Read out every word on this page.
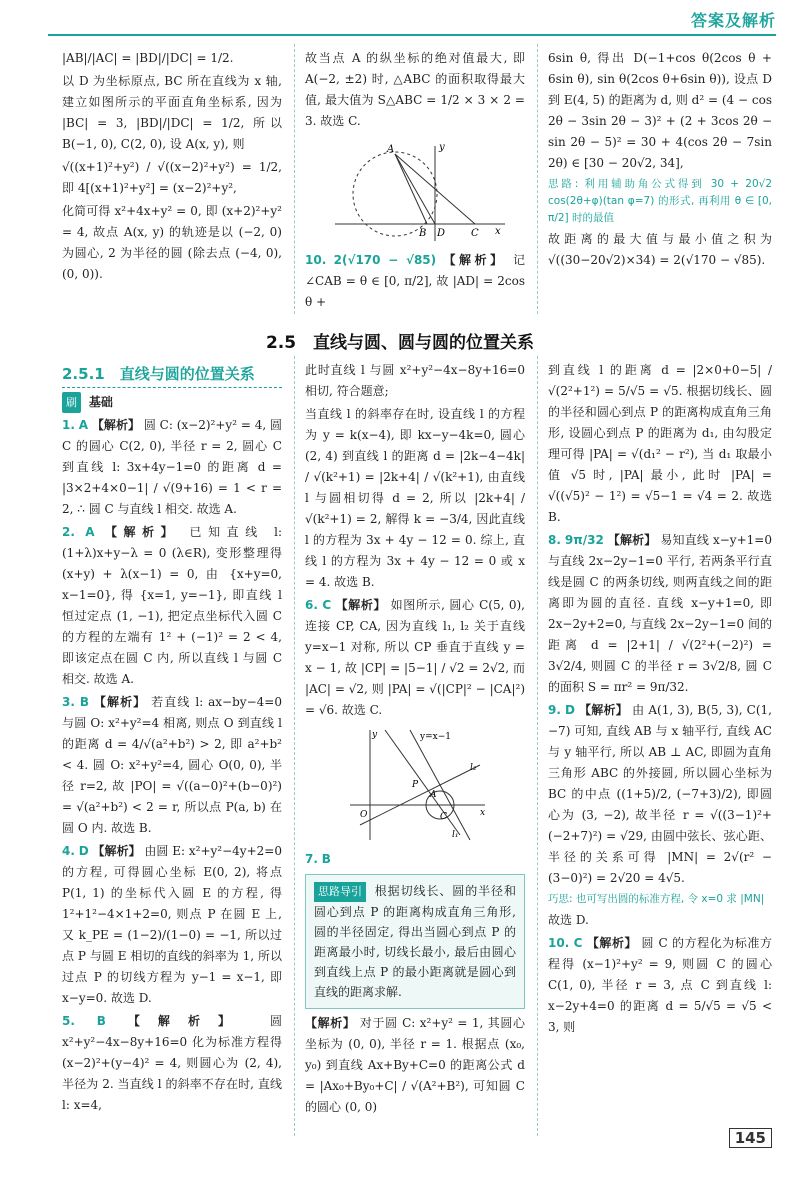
答案及解析

|AB|/|AC| = |BD|/|DC| = 1/2.

以 D 为坐标原点, BC 所在直线为 x 轴, 建立如图所示的平面直角坐标系, 因为 |BC| = 3, |BD|/|DC| = 1/2, 所以 B(−1, 0), C(2, 0), 设 A(x, y), 则

√((x+1)²+y²) / √((x−2)²+y²) = 1/2, 即 4[(x+1)²+y²] = (x−2)²+y²,

化简可得 x²+4x+y² = 0, 即 (x+2)²+y² = 4, 故点 A(x, y) 的轨迹是以 (−2, 0) 为圆心, 2 为半径的圆 (除去点 (−4, 0), (0, 0)).

故当点 A 的纵坐标的绝对值最大, 即 A(−2, ±2) 时, △ABC 的面积取得最大值, 最大值为 S△ABC = 1/2 × 3 × 2 = 3. 故选 C.

A
B D	C x
y

10. 2(√170 − √85) 【解析】 记 ∠CAB = θ ∈ [0, π/2], 故 |AD| = 2cos θ +

6sin θ, 得出 D(−1+cos θ(2cos θ + 6sin θ), sin θ(2cos θ+6sin θ)), 设点 D 到 E(4, 5) 的距离为 d, 则 d² = (4 − cos 2θ − 3sin 2θ − 3)² + (2 + 3cos 2θ − sin 2θ − 5)² = 30 + 4(cos 2θ − 7sin 2θ) ∈ [30 − 20√2, 34],

思路: 利用辅助角公式得到 30 + 20√2 cos(2θ+φ)(tan φ=7) 的形式, 再利用 θ ∈ [0, π/2] 时的最值

故距离的最大值与最小值之积为 √((30−20√2)×34) = 2(√170 − √85).

2.5　直线与圆、圆与圆的位置关系
2.5.1　直线与圆的位置关系

刷 基础

1. A 【解析】 圆 C: (x−2)²+y² = 4, 圆 C 的圆心 C(2, 0), 半径 r = 2, 圆心 C 到直线 l: 3x+4y−1=0 的距离 d = |3×2+4×0−1| / √(9+16) = 1 < r = 2, ∴ 圆 C 与直线 l 相交. 故选 A.

2. A 【解析】 已知直线 l: (1+λ)x+y−λ = 0 (λ∈R), 变形整理得 (x+y) + λ(x−1) = 0, 由 {x+y=0, x−1=0}, 得 {x=1, y=−1}, 即直线 l 恒过定点 (1, −1), 把定点坐标代入圆 C 的方程的左端有 1² + (−1)² = 2 < 4, 即该定点在圆 C 内, 所以直线 l 与圆 C 相交. 故选 A.

3. B 【解析】 若直线 l: ax−by−4=0 与圆 O: x²+y²=4 相离, 则点 O 到直线 l 的距离 d = 4/√(a²+b²) > 2, 即 a²+b² < 4. 圆 O: x²+y²=4, 圆心 O(0, 0), 半径 r=2, 故 |PO| = √((a−0)²+(b−0)²) = √(a²+b²) < 2 = r, 所以点 P(a, b) 在圆 O 内. 故选 B.

4. D 【解析】 由圆 E: x²+y²−4y+2=0 的方程, 可得圆心坐标 E(0, 2), 将点 P(1, 1) 的坐标代入圆 E 的方程, 得 1²+1²−4×1+2=0, 则点 P 在圆 E 上, 又 k_PE = (1−2)/(1−0) = −1, 所以过点 P 与圆 E 相切的直线的斜率为 1, 所以过点 P 的切线方程为 y−1 = x−1, 即 x−y=0. 故选 D.

5. B 【解析】 圆 x²+y²−4x−8y+16=0 化为标准方程得 (x−2)²+(y−4)² = 4, 则圆心为 (2, 4), 半径为 2. 当直线 l 的斜率不存在时, 直线 l: x=4,

此时直线 l 与圆 x²+y²−4x−8y+16=0 相切, 符合题意;

当直线 l 的斜率存在时, 设直线 l 的方程为 y = k(x−4), 即 kx−y−4k=0, 圆心 (2, 4) 到直线 l 的距离 d = |2k−4−4k| / √(k²+1) = |2k+4| / √(k²+1), 由直线 l 与圆相切得 d = 2, 所以 |2k+4| / √(k²+1) = 2, 解得 k = −3/4, 因此直线 l 的方程为 3x + 4y − 12 = 0. 综上, 直线 l 的方程为 3x + 4y − 12 = 0 或 x = 4. 故选 B.

6. C 【解析】 如图所示, 圆心 C(5, 0), 连接 CP, CA, 因为直线 l₁, l₂ 关于直线 y=x−1 对称, 所以 CP 垂直于直线 y = x − 1, 故 |CP| = |5−1| / √2 = 2√2, 而 |AC| = √2, 则 |PA| = √(|CP|² − |CA|²) = √6. 故选 C.

y
x
O
P
A
C
l₂
l₁
y=x−1

7. B

思路导引 根据切线长、圆的半径和圆心到点 P 的距离构成直角三角形, 圆的半径固定, 得出当圆心到点 P 的距离最小时, 切线长最小, 最后由圆心到直线上点 P 的最小距离就是圆心到直线的距离求解.

【解析】 对于圆 C: x²+y² = 1, 其圆心坐标为 (0, 0), 半径 r = 1. 根据点 (x₀, y₀) 到直线 Ax+By+C=0 的距离公式 d = |Ax₀+By₀+C| / √(A²+B²), 可知圆 C 的圆心 (0, 0)

到直线 l 的距离 d = |2×0+0−5| / √(2²+1²) = 5/√5 = √5. 根据切线长、圆的半径和圆心到点 P 的距离构成直角三角形, 设圆心到点 P 的距离为 d₁, 由勾股定理可得 |PA| = √(d₁² − r²), 当 d₁ 取最小值 √5 时, |PA| 最小, 此时 |PA| = √((√5)² − 1²) = √5−1 = √4 = 2. 故选 B.

8. 9π/32 【解析】 易知直线 x−y+1=0 与直线 2x−2y−1=0 平行, 若两条平行直线是圆 C 的两条切线, 则两直线之间的距离即为圆的直径. 直线 x−y+1=0, 即 2x−2y+2=0, 与直线 2x−2y−1=0 间的距离 d = |2+1| / √(2²+(−2)²) = 3√2/4, 则圆 C 的半径 r = 3√2/8, 圆 C 的面积 S = πr² = 9π/32.

9. D 【解析】 由 A(1, 3), B(5, 3), C(1, −7) 可知, 直线 AB 与 x 轴平行, 直线 AC 与 y 轴平行, 所以 AB ⊥ AC, 即圆为直角三角形 ABC 的外接圆, 所以圆心坐标为 BC 的中点 ((1+5)/2, (−7+3)/2), 即圆心为 (3, −2), 故半径 r = √((3−1)²+(−2+7)²) = √29, 由圆中弦长、弦心距、半径的关系可得 |MN| = 2√(r² − (3−0)²) = 2√20 = 4√5.

巧思: 也可写出圆的标准方程, 令 x=0 求 |MN|

故选 D.

10. C 【解析】 圆 C 的方程化为标准方程得 (x−1)²+y² = 9, 则圆 C 的圆心 C(1, 0), 半径 r = 3, 点 C 到直线 l: x−2y+4=0 的距离 d = 5/√5 = √5 < 3, 则

145
